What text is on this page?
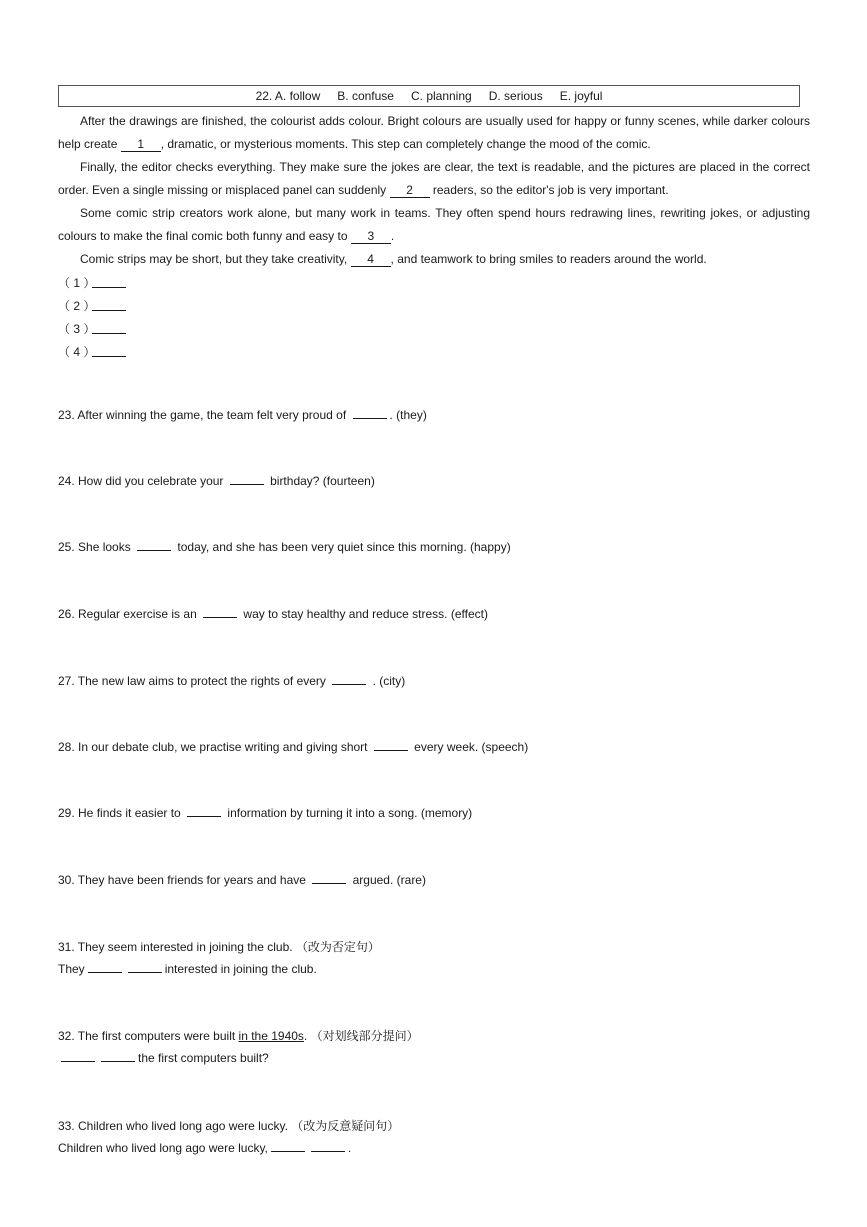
22. A. follow B. confuse C. planning D. serious E. joyful
After the drawings are finished, the colourist adds colour. Bright colours are usually used for happy or funny scenes, while darker colours help create 1 , dramatic, or mysterious moments. This step can completely change the mood of the comic.
Finally, the editor checks everything. They make sure the jokes are clear, the text is readable, and the pictures are placed in the correct order. Even a single missing or misplaced panel can suddenly 2 readers, so the editor's job is very important.
Some comic strip creators work alone, but many work in teams. They often spend hours redrawing lines, rewriting jokes, or adjusting colours to make the final comic both funny and easy to 3 .
Comic strips may be short, but they take creativity, 4 , and teamwork to bring smiles to readers around the world.
（ 1 ）
（ 2 ）
（ 3 ）
（ 4 ）
23. After winning the game, the team felt very proud of	. (they)
24. How did you celebrate your	birthday? (fourteen)
25. She looks	today, and she has been very quiet since this morning. (happy)
26. Regular exercise is an	way to stay healthy and reduce stress. (effect)
27. The new law aims to protect the rights of every	. (city)
28. In our debate club, we practise writing and giving short	every week. (speech)
29. He finds it easier to	information by turning it into a song. (memory)
30. They have been friends for years and have	argued. (rare)
31. They seem interested in joining the club. （改为否定句）
They	interested in joining the club.
32. The first computers were built in the 1940s. （对划线部分提问）
the first computers built?
33. Children who lived long ago were lucky. （改为反意疑问句）
Children who lived long ago were lucky,	.
